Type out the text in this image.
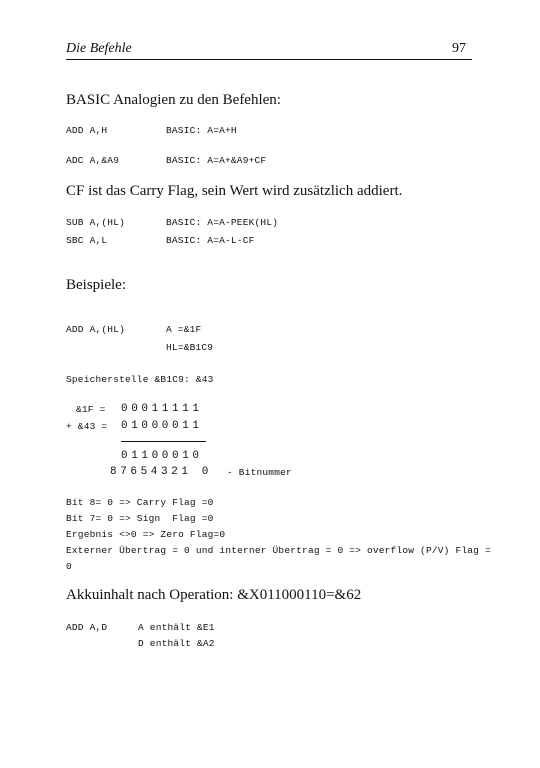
Die Befehle	97
BASIC Analogien zu den Befehlen:
ADD A,H	BASIC: A=A+H
ADC A,&A9	BASIC: A=A+&A9+CF
CF ist das Carry Flag, sein Wert wird zusätzlich addiert.
SUB A,(HL)	BASIC: A=A-PEEK(HL)
SBC A,L	BASIC: A=A-L-CF
Beispiele:
ADD A,(HL)	A =&1F
HL=&B1C9
Speicherstelle &B1C9: &43
&1F = 00011111
+ &43 = 01000011
01100010
87654321 0 - Bitnummer
Bit 8= 0 => Carry Flag =0
Bit 7= 0 => Sign  Flag =0
Ergebnis <>0 => Zero Flag=0
Externer Übertrag = 0 und interner Übertrag = 0 => overflow (P/V) Flag =
0
Akkuinhalt nach Operation: &X011000110=&62
ADD A,D	A enthält &E1
D enthält &A2
